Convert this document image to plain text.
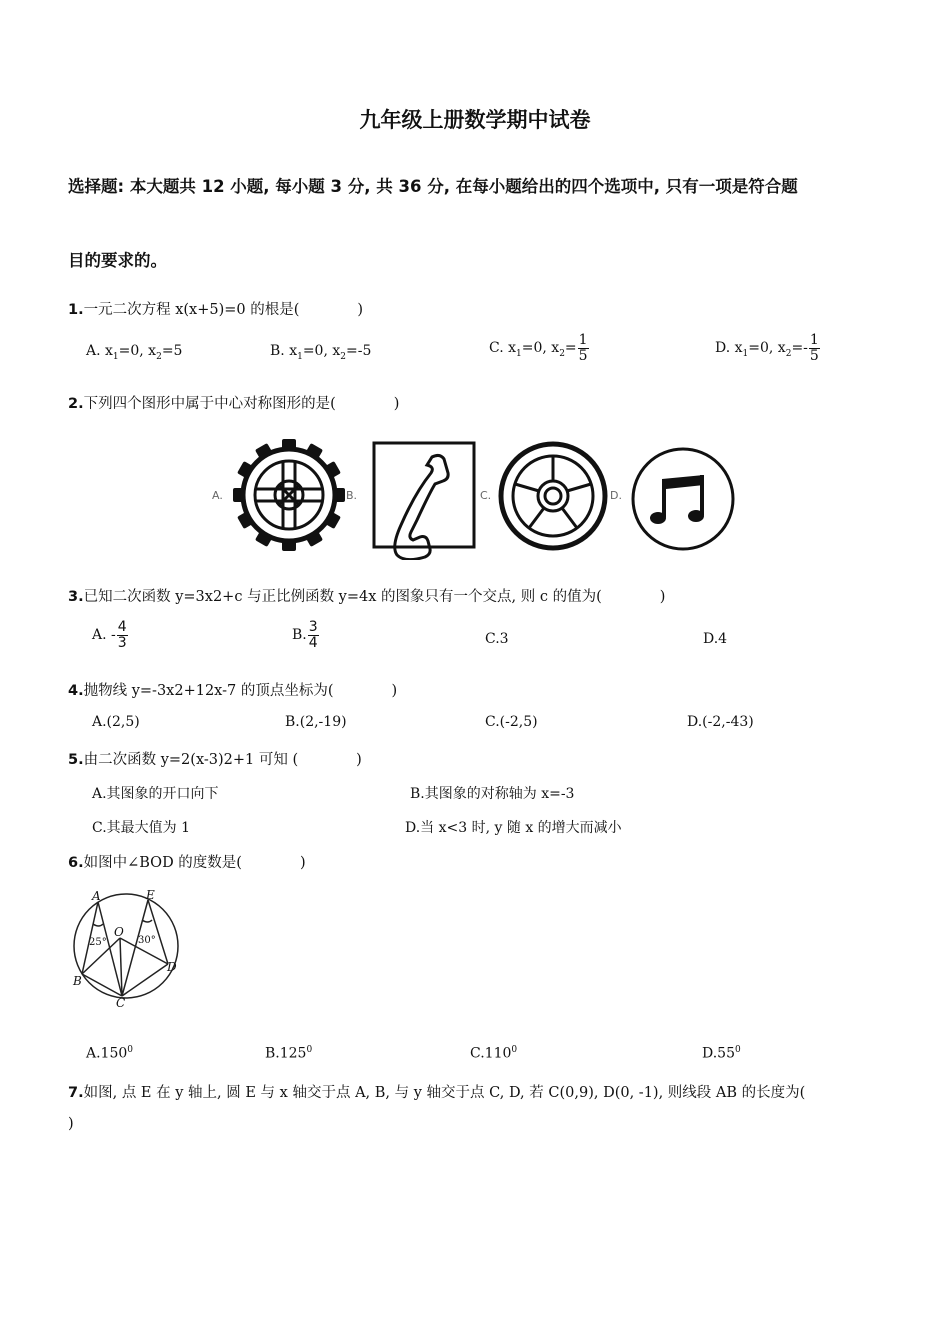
九年级上册数学期中试卷
选择题: 本大题共 12 小题, 每小题 3 分, 共 36 分, 在每小题给出的四个选项中, 只有一项是符合题
目的要求的。
1.一元二次方程 x(x+5)=0 的根是(　　　　)
A. $x_1=0$, $x_2=5$	B. $x_1=0$, $x_2=-5$	C. $x_1=0$, $x_2= \frac{1}{5}$	D. $x_1=0$, $x_2=- \frac{1}{5}$
2.下列四个图形中属于中心对称图形的是(　　　　)
A.	B.	C.	D.
3.已知二次函数 y=3x2+c 与正比例函数 y=4x 的图象只有一个交点, 则 c 的值为(　　　　)
A. - $\frac{4}{3}$	B. $\frac{3}{4}$	C.3	D.4
4.抛物线 y=-3x2+12x-7 的顶点坐标为(　　　　)
A.(2,5)	B.(2,-19)	C.(-2,5)	D.(-2,-43)
5.由二次函数 y=2(x-3)2+1 可知 (　　　　)
A.其图象的开口向下	B.其图象的对称轴为 x=-3
C.其最大值为 1	D.当 x<3 时, y 随 x 的增大而减小
6.如图中∠BOD 的度数是(　　　　)
A	E
O
B
C
D
25°	30°
A.150$^0$	B.125$^0$	C.110$^0$	$D.55^0$
7.如图, 点 E 在 y 轴上, 圆 E 与 x 轴交于点 A, B, 与 y 轴交于点 C, D, 若 C(0,9), D(0, -1), 则线段 AB 的长度为(
)
